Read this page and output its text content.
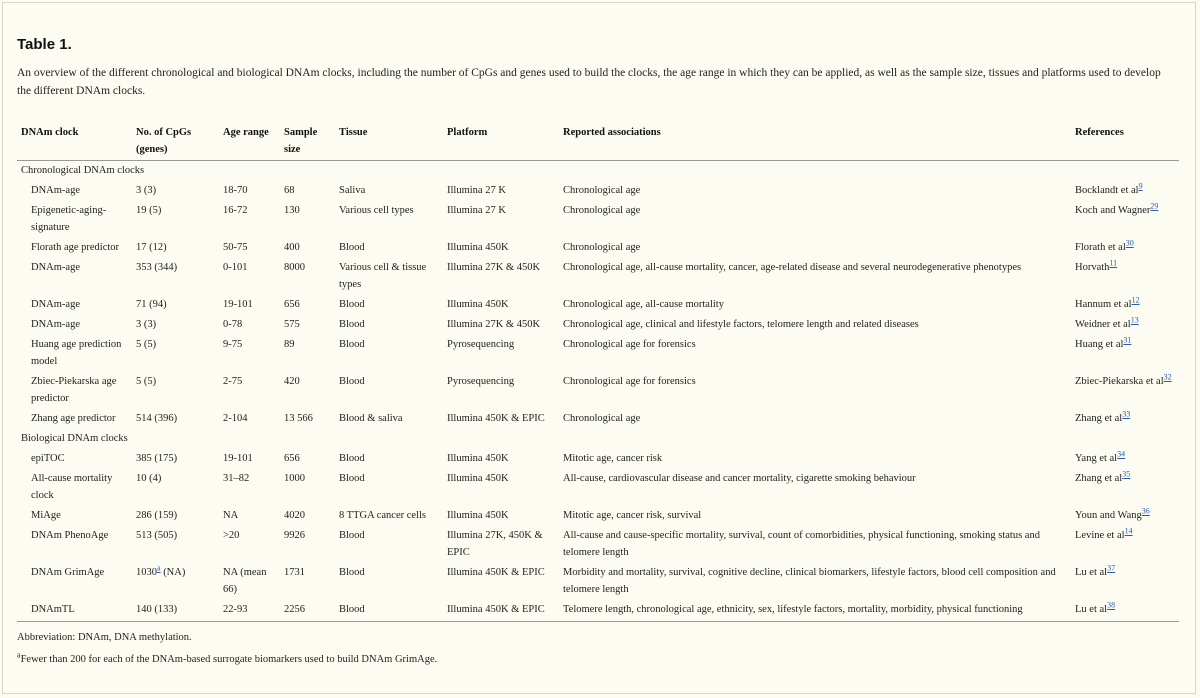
Table 1.
An overview of the different chronological and biological DNAm clocks, including the number of CpGs and genes used to build the clocks, the age range in which they can be applied, as well as the sample size, tissues and platforms used to develop the different DNAm clocks.
DNAm clock	No. of CpGs (genes)	Age range	Sample size	Tissue	Platform	Reported associations	References
Chronological DNAm clocks							
DNAm-age	3 (3)	18-70	68	Saliva	Illumina 27 K	Chronological age	Bocklandt et al$^9$
Epigenetic-aging-signature	19 (5)	16-72	130	Various cell types	Illumina 27 K	Chronological age	Koch and Wagner$^{29}$
Florath age predictor	17 (12)	50-75	400	Blood	Illumina 450K	Chronological age	Florath et al$^{30}$
DNAm-age	353 (344)	0-101	8000	Various cell & tissue types	Illumina 27K & 450K	Chronological age, all-cause mortality, cancer, age-related disease and several neurodegenerative phenotypes	Horvath$^{11}$
DNAm-age	71 (94)	19-101	656	Blood	Illumina 450K	Chronological age, all-cause mortality	Hannum et al$^{12}$
DNAm-age	3 (3)	0-78	575	Blood	Illumina 27K & 450K	Chronological age, clinical and lifestyle factors, telomere length and related diseases	Weidner et al$^{13}$
Huang age prediction model	5 (5)	9-75	89	Blood	Pyrosequencing	Chronological age for forensics	Huang et al$^{31}$
Zbiec-Piekarska age predictor	5 (5)	2-75	420	Blood	Pyrosequencing	Chronological age for forensics	Zbiec-Piekarska et al$^{32}$
Zhang age predictor	514 (396)	2-104	13 566	Blood & saliva	Illumina 450K & EPIC	Chronological age	Zhang et al$^{33}$
Biological DNAm clocks							
epiTOC	385 (175)	19-101	656	Blood	Illumina 450K	Mitotic age, cancer risk	Yang et al$^{34}$
All-cause mortality clock	10 (4)	31–82	1000	Blood	Illumina 450K	All-cause, cardiovascular disease and cancer mortality, cigarette smoking behaviour	Zhang et al$^{35}$
MiAge	286 (159)	NA	4020	8 TTGA cancer cells	Illumina 450K	Mitotic age, cancer risk, survival	Youn and Wang$^{36}$
DNAm PhenoAge	513 (505)	>20	9926	Blood	Illumina 27K, 450K & EPIC	All-cause and cause-specific mortality, survival, count of comorbidities, physical functioning, smoking status and telomere length	Levine et al$^{14}$
DNAm GrimAge	1030$^a$ (NA)	NA (mean 66)	1731	Blood	Illumina 450K & EPIC	Morbidity and mortality, survival, cognitive decline, clinical biomarkers, lifestyle factors, blood cell composition and telomere length	Lu et al$^{37}$
DNAmTL	140 (133)	22-93	2256	Blood	Illumina 450K & EPIC	Telomere length, chronological age, ethnicity, sex, lifestyle factors, mortality, morbidity, physical functioning	Lu et al$^{38}$
Abbreviation: DNAm, DNA methylation.
$^a$Fewer than 200 for each of the DNAm-based surrogate biomarkers used to build DNAm GrimAge.
